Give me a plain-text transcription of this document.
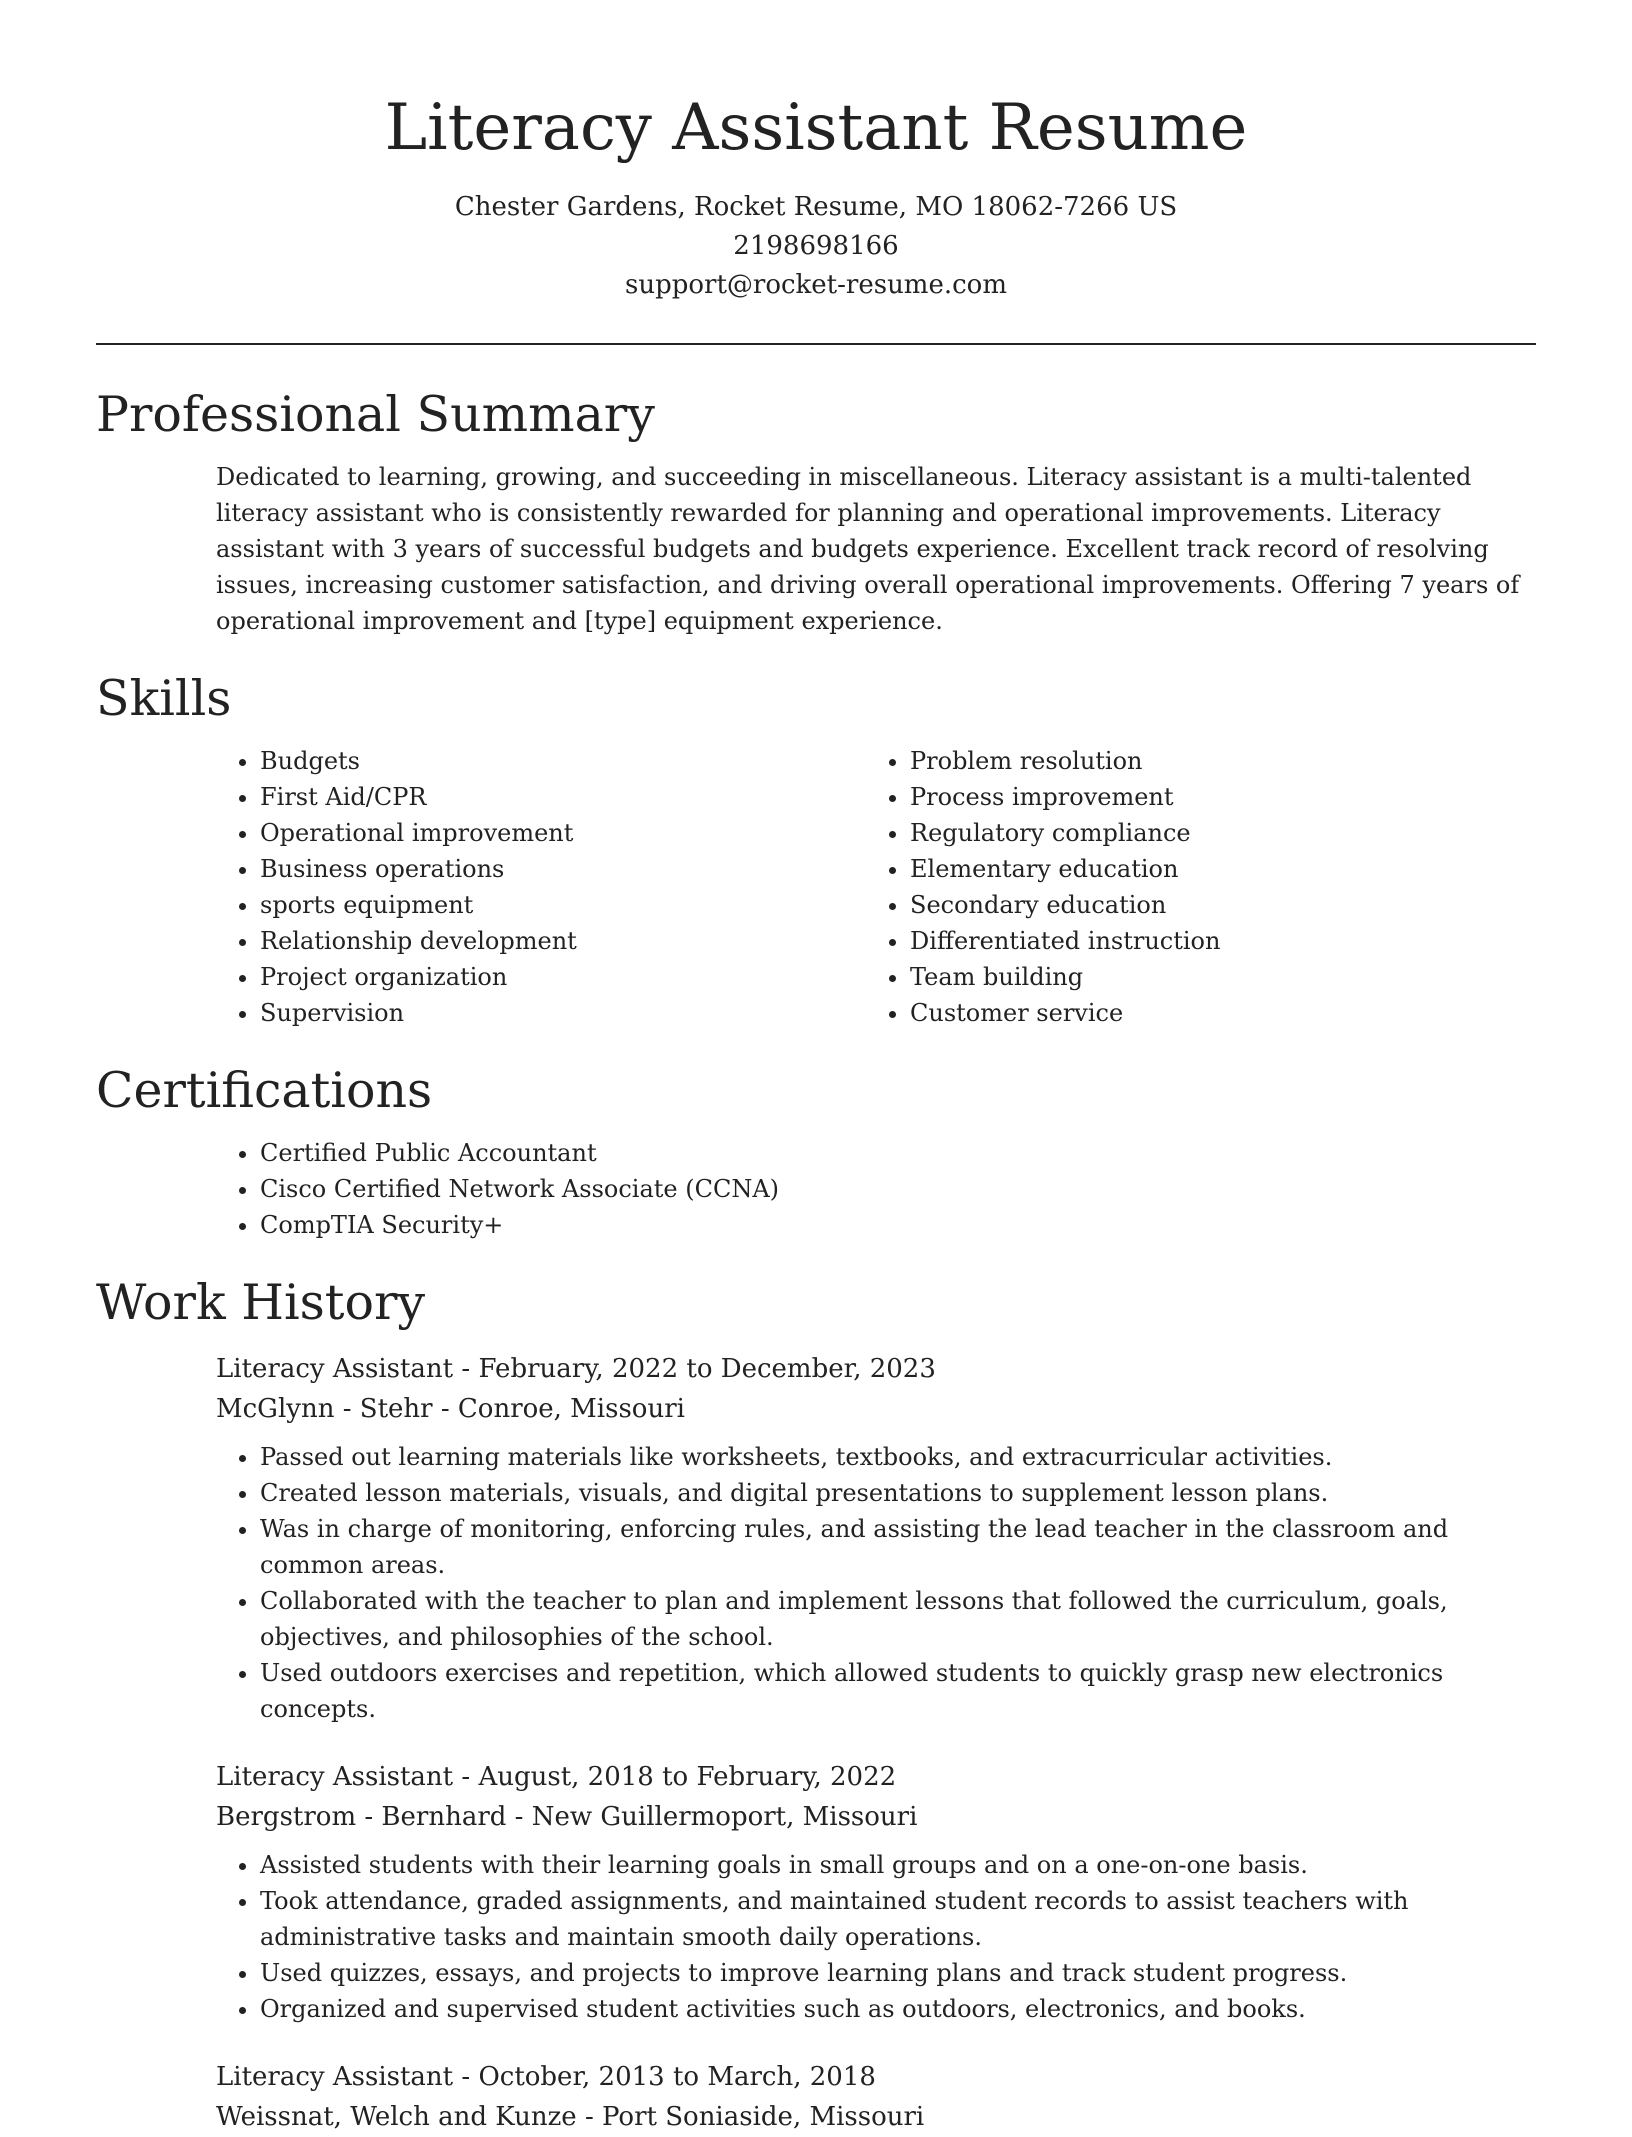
Literacy Assistant Resume

Chester Gardens, Rocket Resume, MO 18062-7266 US

2198698166

support@rocket-resume.com

Professional Summary

Dedicated to learning, growing, and succeeding in miscellaneous. Literacy assistant is a multi-talented literacy assistant who is consistently rewarded for planning and operational improvements. Literacy assistant with 3 years of successful budgets and budgets experience. Excellent track record of resolving issues, increasing customer satisfaction, and driving overall operational improvements. Offering 7 years of operational improvement and [type] equipment experience.

Skills
• Budgets
• First Aid/CPR
• Operational improvement
• Business operations
• sports equipment
• Relationship development
• Project organization
• Supervision
• Problem resolution
• Process improvement
• Regulatory compliance
• Elementary education
• Secondary education
• Differentiated instruction
• Team building
• Customer service
Certifications
• Certified Public Accountant
• Cisco Certified Network Associate (CCNA)
• CompTIA Security+
Work History

Literacy Assistant - February, 2022 to December, 2023

McGlynn - Stehr - Conroe, Missouri

• Passed out learning materials like worksheets, textbooks, and extracurricular activities.
• Created lesson materials, visuals, and digital presentations to supplement lesson plans.
• Was in charge of monitoring, enforcing rules, and assisting the lead teacher in the classroom and common areas.
• Collaborated with the teacher to plan and implement lessons that followed the curriculum, goals, objectives, and philosophies of the school.
• Used outdoors exercises and repetition, which allowed students to quickly grasp new electronics concepts.

Literacy Assistant - August, 2018 to February, 2022

Bergstrom - Bernhard - New Guillermoport, Missouri

• Assisted students with their learning goals in small groups and on a one-on-one basis.
• Took attendance, graded assignments, and maintained student records to assist teachers with administrative tasks and maintain smooth daily operations.
• Used quizzes, essays, and projects to improve learning plans and track student progress.
• Organized and supervised student activities such as outdoors, electronics, and books.

Literacy Assistant - October, 2013 to March, 2018

Weissnat, Welch and Kunze - Port Soniaside, Missouri
